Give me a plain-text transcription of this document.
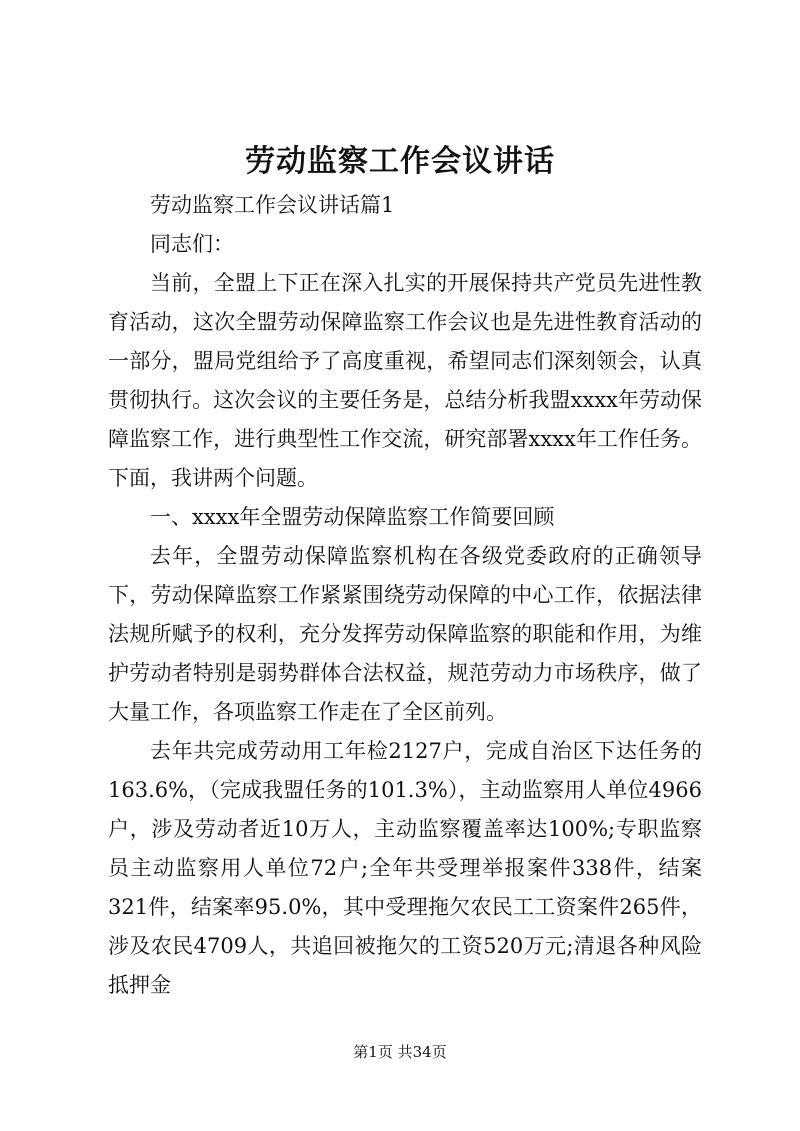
劳动监察工作会议讲话

劳动监察工作会议讲话篇1

同志们：

当前，全盟上下正在深入扎实的开展保持共产党员先进性教育活动，这次全盟劳动保障监察工作会议也是先进性教育活动的一部分，盟局党组给予了高度重视，希望同志们深刻领会，认真贯彻执行。这次会议的主要任务是，总结分析我盟xxxx年劳动保障监察工作，进行典型性工作交流，研究部署xxxx年工作任务。下面，我讲两个问题。

一、xxxx年全盟劳动保障监察工作简要回顾

去年，全盟劳动保障监察机构在各级党委政府的正确领导下，劳动保障监察工作紧紧围绕劳动保障的中心工作，依据法律法规所赋予的权利，充分发挥劳动保障监察的职能和作用，为维护劳动者特别是弱势群体合法权益，规范劳动力市场秩序，做了大量工作，各项监察工作走在了全区前列。

去年共完成劳动用工年检2127户，完成自治区下达任务的163.6%，（完成我盟任务的101.3%），主动监察用人单位4966户，涉及劳动者近10万人，主动监察覆盖率达100%;专职监察员主动监察用人单位72户;全年共受理举报案件338件，结案321件，结案率95.0%，其中受理拖欠农民工工资案件265件，涉及农民4709人，共追回被拖欠的工资520万元;清退各种风险抵押金

第1页 共34页
